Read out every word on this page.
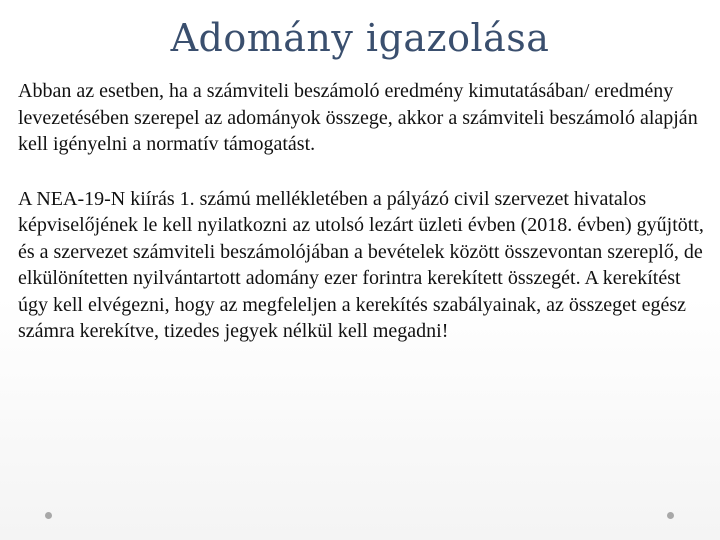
Adomány igazolása

Abban az esetben, ha a számviteli beszámoló eredmény kimutatásában/ eredmény levezetésében szerepel az adományok összege, akkor a számviteli beszámoló alapján kell igényelni a normatív támogatást.

A NEA-19-N kiírás 1. számú mellékletében a pályázó civil szervezet hivatalos képviselőjének le kell nyilatkozni az utolsó lezárt üzleti évben (2018. évben) gyűjtött, és a szervezet számviteli beszámolójában a bevételek között összevontan szereplő, de elkülönítetten nyilvántartott adomány ezer forintra kerekített összegét. A kerekítést úgy kell elvégezni, hogy az megfeleljen a kerekítés szabályainak, az összeget egész számra kerekítve, tizedes jegyek nélkül kell megadni!
